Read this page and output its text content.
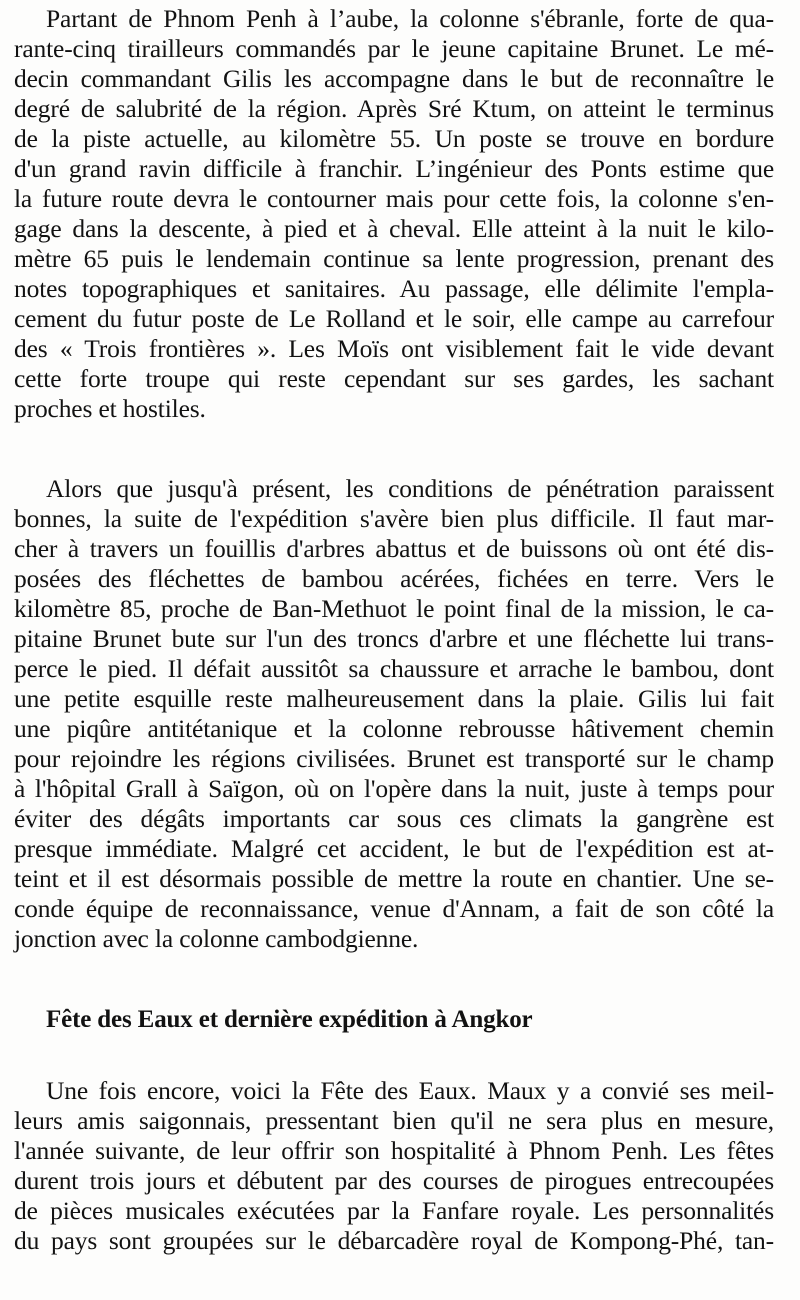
Partant de Phnom Penh à l’aube, la colonne s'ébranle, forte de qua-
rante-cinq tirailleurs commandés par le jeune capitaine Brunet. Le mé-
decin commandant Gilis les accompagne dans le but de reconnaître le
degré de salubrité de la région. Après Sré Ktum, on atteint le terminus
de la piste actuelle, au kilomètre 55. Un poste se trouve en bordure
d'un grand ravin difficile à franchir. L’ingénieur des Ponts estime que
la future route devra le contourner mais pour cette fois, la colonne s'en-
gage dans la descente, à pied et à cheval. Elle atteint à la nuit le kilo-
mètre 65 puis le lendemain continue sa lente progression, prenant des
notes topographiques et sanitaires. Au passage, elle délimite l'empla-
cement du futur poste de Le Rolland et le soir, elle campe au carrefour
des « Trois frontières ». Les Moïs ont visiblement fait le vide devant
cette forte troupe qui reste cependant sur ses gardes, les sachant
proches et hostiles.
Alors que jusqu'à présent, les conditions de pénétration paraissent
bonnes, la suite de l'expédition s'avère bien plus difficile. Il faut mar-
cher à travers un fouillis d'arbres abattus et de buissons où ont été dis-
posées des fléchettes de bambou acérées, fichées en terre. Vers le
kilomètre 85, proche de Ban-Methuot le point final de la mission, le ca-
pitaine Brunet bute sur l'un des troncs d'arbre et une fléchette lui trans-
perce le pied. Il défait aussitôt sa chaussure et arrache le bambou, dont
une petite esquille reste malheureusement dans la plaie. Gilis lui fait
une piqûre antitétanique et la colonne rebrousse hâtivement chemin
pour rejoindre les régions civilisées. Brunet est transporté sur le champ
à l'hôpital Grall à Saïgon, où on l'opère dans la nuit, juste à temps pour
éviter des dégâts importants car sous ces climats la gangrène est
presque immédiate. Malgré cet accident, le but de l'expédition est at-
teint et il est désormais possible de mettre la route en chantier. Une se-
conde équipe de reconnaissance, venue d'Annam, a fait de son côté la
jonction avec la colonne cambodgienne.
Fête des Eaux et dernière expédition à Angkor
Une fois encore, voici la Fête des Eaux. Maux y a convié ses meil-
leurs amis saigonnais, pressentant bien qu'il ne sera plus en mesure,
l'année suivante, de leur offrir son hospitalité à Phnom Penh. Les fêtes
durent trois jours et débutent par des courses de pirogues entrecoupées
de pièces musicales exécutées par la Fanfare royale. Les personnalités
du pays sont groupées sur le débarcadère royal de Kompong-Phé, tan-
